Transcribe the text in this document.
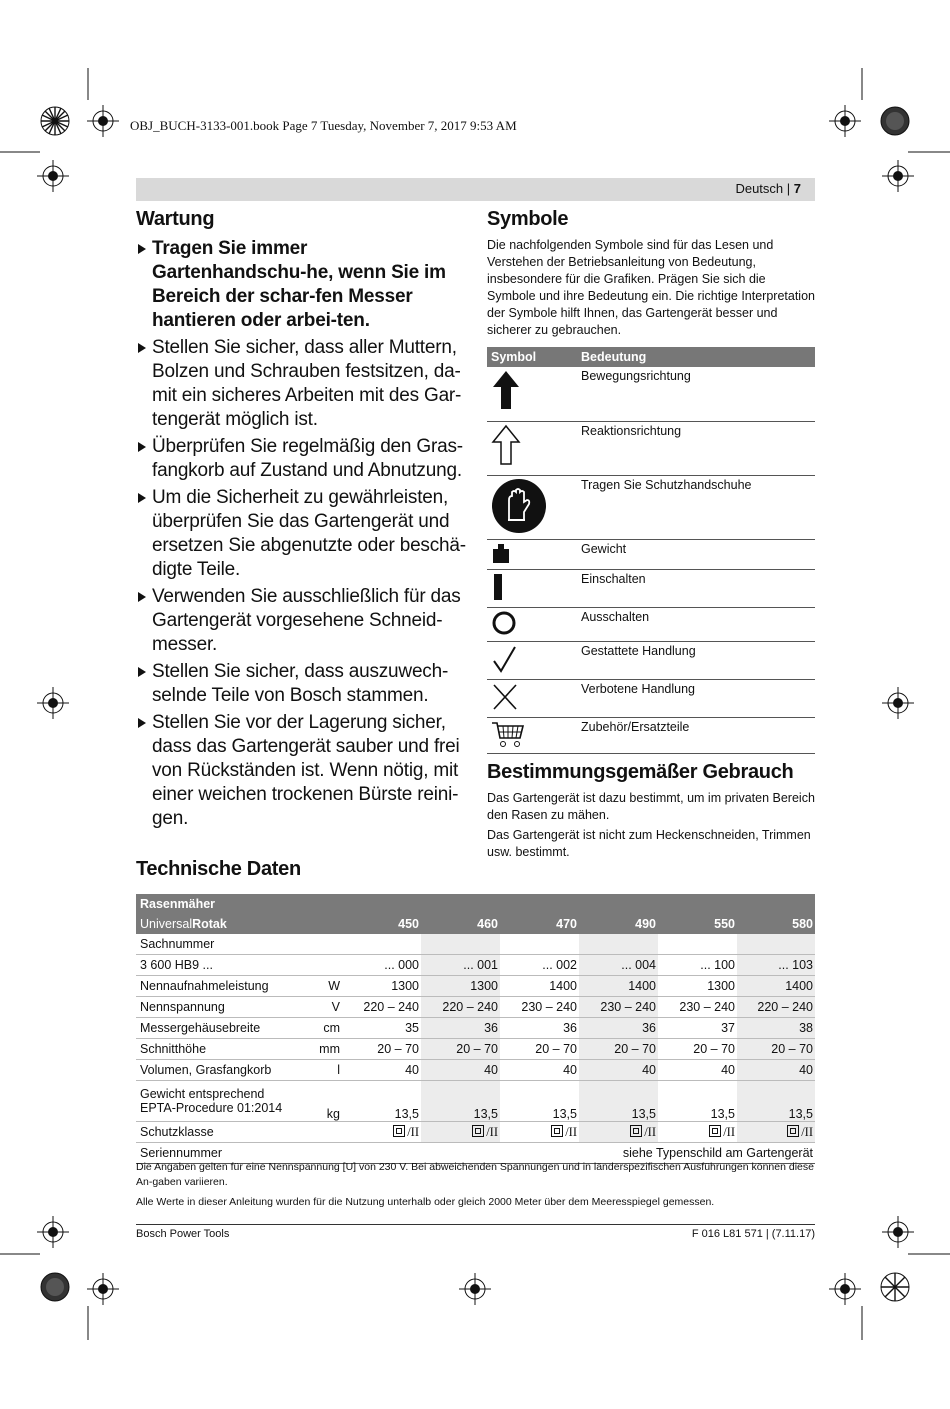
OBJ_BUCH-3133-001.book Page 7 Tuesday, November 7, 2017 9:53 AM
Deutsch | 7
Wartung
Tragen Sie immer Gartenhandschu-he, wenn Sie im Bereich der schar-fen Messer hantieren oder arbei-ten.
Stellen Sie sicher, dass aller Muttern, Bolzen und Schrauben festsitzen, da-mit ein sicheres Arbeiten mit des Gar-tengerät möglich ist.
Überprüfen Sie regelmäßig den Gras-fangkorb auf Zustand und Abnutzung.
Um die Sicherheit zu gewährleisten, überprüfen Sie das Gartengerät und ersetzen Sie abgenutzte oder beschä-digte Teile.
Verwenden Sie ausschließlich für das Gartengerät vorgesehene Schneid-messer.
Stellen Sie sicher, dass auszuwech-selnde Teile von Bosch stammen.
Stellen Sie vor der Lagerung sicher, dass das Gartengerät sauber und frei von Rückständen ist. Wenn nötig, mit einer weichen trockenen Bürste reini-gen.
Symbole

Die nachfolgenden Symbole sind für das Lesen und Verstehen der Betriebsanleitung von Bedeutung, insbesondere für die Grafiken. Prägen Sie sich die Symbole und ihre Bedeutung ein. Die richtige Interpretation der Symbole hilft Ihnen, das Gartengerät besser und sicherer zu gebrauchen.

Symbol	Bedeutung
	Bewegungsrichtung
	Reaktionsrichtung
	Tragen Sie Schutzhandschuhe
	Gewicht
	Einschalten
	Ausschalten
	Gestattete Handlung
	Verbotene Handlung
	Zubehör/Ersatzteile
Bestimmungsgemäßer Gebrauch

Das Gartengerät ist dazu bestimmt, um im privaten Bereich den Rasen zu mähen.

Das Gartengerät ist nicht zum Heckenschneiden, Trimmen usw. bestimmt.

Technische Daten
Rasenmäher							
UniversalRotak		450	460	470	490	550	580
Sachnummer							
3 600 HB9 ...		... 000	... 001	... 002	... 004	... 100	... 103
Nennaufnahmeleistung	W	1300	1300	1400	1400	1300	1400
Nennspannung	V	220 – 240	220 – 240	230 – 240	230 – 240	230 – 240	220 – 240
Messergehäusebreite	cm	35	36	36	36	37	38
Schnitthöhe	mm	20 – 70	20 – 70	20 – 70	20 – 70	20 – 70	20 – 70
Volumen, Grasfangkorb	l	40	40	40	40	40	40
Gewicht entsprechend
EPTA-Procedure 01:2014	kg	13,5	13,5	13,5	13,5	13,5	13,5
Schutzklasse		/II	/II	/II	/II	/II	/II
Seriennummer	siehe Typenschild am Gartengerät						
Die Angaben gelten für eine Nennspannung [U] von 230 V. Bei abweichenden Spannungen und in länderspezifischen Ausführungen können diese An-gaben variieren.
Alle Werte in dieser Anleitung wurden für die Nutzung unterhalb oder gleich 2000 Meter über dem Meeresspiegel gemessen.
Bosch Power Tools	F 016 L81 571 | (7.11.17)
